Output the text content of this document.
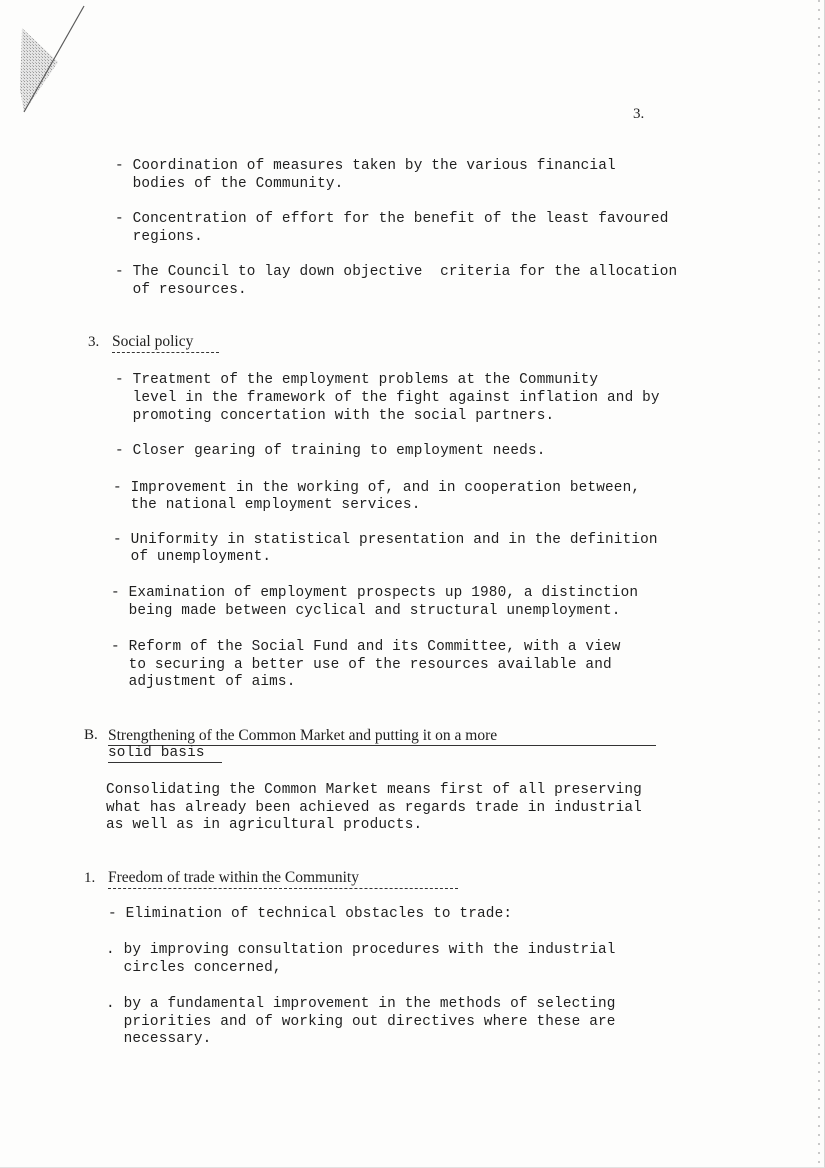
3.
- Coordination of measures taken by the various financial
bodies of the Community.
- Concentration of effort for the benefit of the least favoured
regions.
- The Council to lay down objective  criteria for the allocation
of resources.
3. Social policy
- Treatment of the employment problems at the Community
level in the framework of the fight against inflation and by
promoting concertation with the social partners.
- Closer gearing of training to employment needs.
- Improvement in the working of, and in cooperation between,
the national employment services.
- Uniformity in statistical presentation and in the definition
of unemployment.
- Examination of employment prospects up 1980, a distinction
being made between cyclical and structural unemployment.
- Reform of the Social Fund and its Committee, with a view
to securing a better use of the resources available and
adjustment of aims.
B. Strengthening of the Common Market and putting it on a more
solid basis
Consolidating the Common Market means first of all preserving
what has already been achieved as regards trade in industrial
as well as in agricultural products.
1. Freedom of trade within the Community
- Elimination of technical obstacles to trade:
. by improving consultation procedures with the industrial
circles concerned,
. by a fundamental improvement in the methods of selecting
priorities and of working out directives where these are
necessary.
